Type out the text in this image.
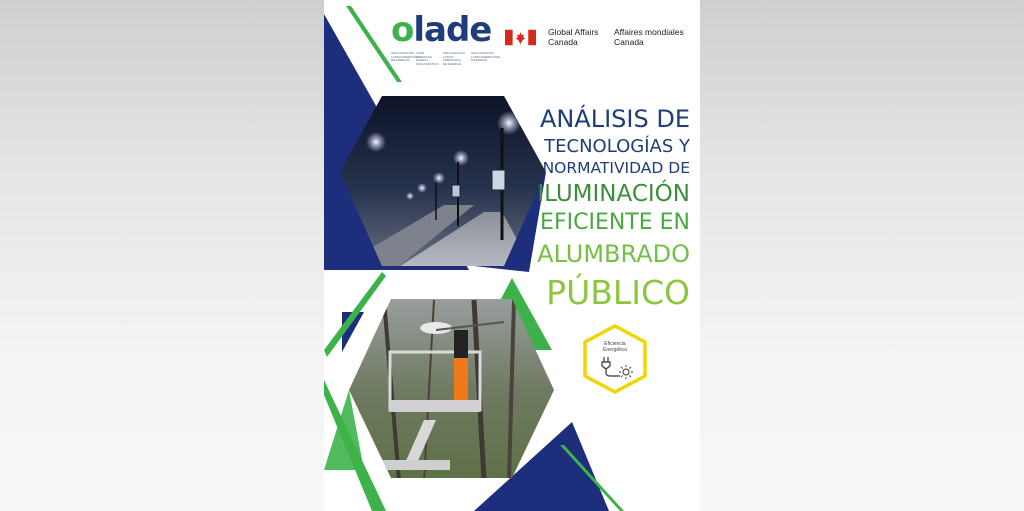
olade
ORGANIZACIÓN LATINOAMERICANA DE ENERGÍA
LATIN AMERICAN ENERGY ORGANIZATION
ORGANIZAÇÃO LATINO-AMERICANA DE ENERGIA
ORGANISATION LATINOAMERICAINE D'ENERGIE
Global Affairs
Canada
Affaires mondiales
Canada
ANÁLISIS DE
TECNOLOGÍAS Y
NORMATIVIDAD DE
ILUMINACIÓN
EFICIENTE EN
ALUMBRADO
PÚBLICO
Eficiencia
Energética
